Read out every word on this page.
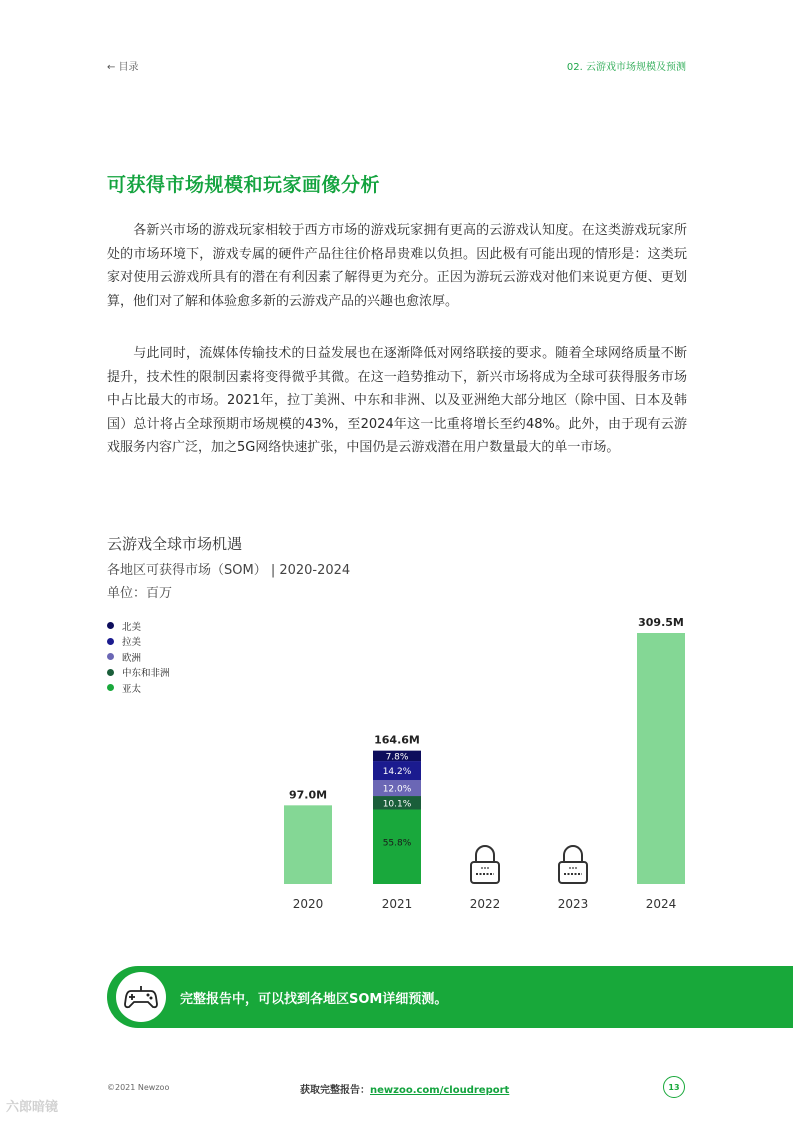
← 目录	02. 云游戏市场规模及预测
可获得市场规模和玩家画像分析
各新兴市场的游戏玩家相较于西方市场的游戏玩家拥有更高的云游戏认知度。在这类游戏玩家所处的市场环境下，游戏专属的硬件产品往往价格昂贵难以负担。因此极有可能出现的情形是：这类玩家对使用云游戏所具有的潜在有利因素了解得更为充分。正因为游玩云游戏对他们来说更方便、更划算，他们对了解和体验愈多新的云游戏产品的兴趣也愈浓厚。
与此同时，流媒体传输技术的日益发展也在逐渐降低对网络联接的要求。随着全球网络质量不断提升，技术性的限制因素将变得微乎其微。在这一趋势推动下，新兴市场将成为全球可获得服务市场中占比最大的市场。2021年，拉丁美洲、中东和非洲、以及亚洲绝大部分地区（除中国、日本及韩国）总计将占全球预期市场规模的43%，至2024年这一比重将增长至约48%。此外，由于现有云游戏服务内容广泛，加之5G网络快速扩张，中国仍是云游戏潜在用户数量最大的单一市场。
云游戏全球市场机遇
各地区可获得市场（SOM） | 2020-2024
单位：百万
北美
拉美
欧洲
中东和非洲
亚太
2020
97.0M
2021
55.8%
10.1%
12.0%
14.2%
7.8%
164.6M
2022	2023	2024
309.5M
完整报告中，可以找到各地区SOM详细预测。
©2021 Newzoo	获取完整报告：newzoo.com/cloudreport	13
六郎暗镜
